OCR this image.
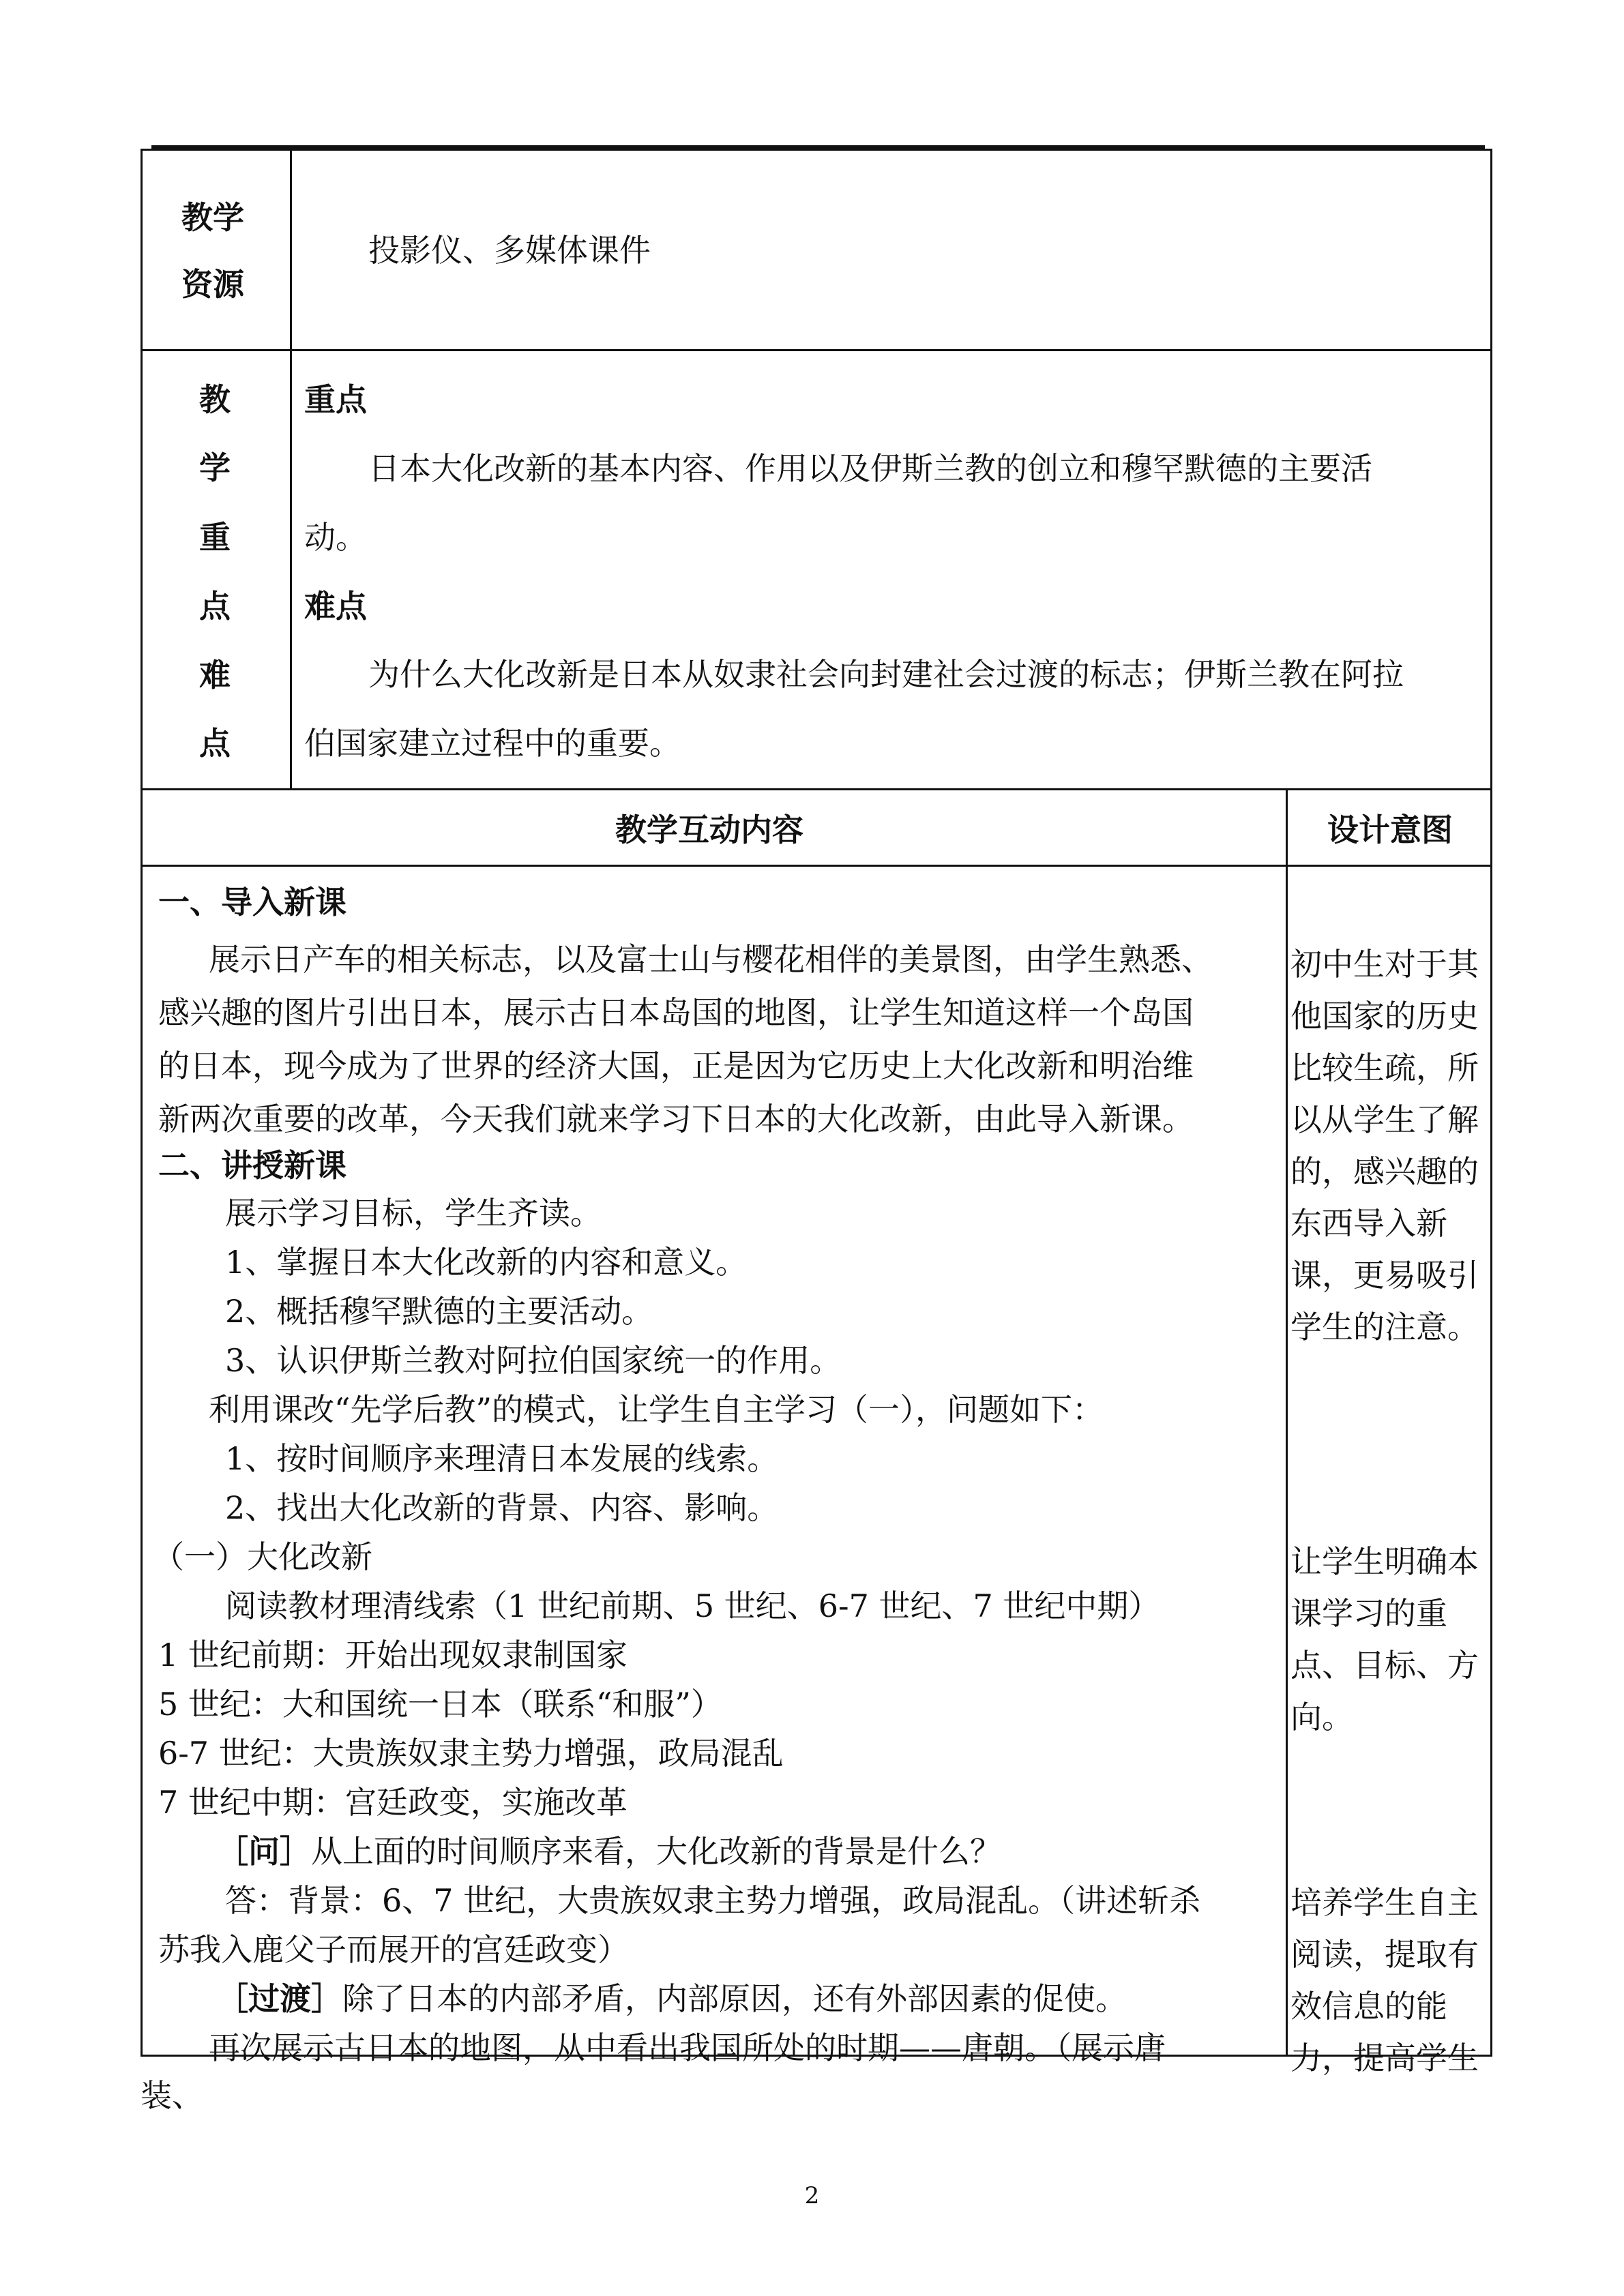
教学
资源
投影仪、多媒体课件
教
学
重
点
难
点
重点
日本大化改新的基本内容、作用以及伊斯兰教的创立和穆罕默德的主要活
动。
难点
为什么大化改新是日本从奴隶社会向封建社会过渡的标志；伊斯兰教在阿拉
伯国家建立过程中的重要。
教学互动内容	设计意图
一、导入新课
展示日产车的相关标志，以及富士山与樱花相伴的美景图，由学生熟悉、
感兴趣的图片引出日本，展示古日本岛国的地图，让学生知道这样一个岛国
的日本，现今成为了世界的经济大国，正是因为它历史上大化改新和明治维
新两次重要的改革，今天我们就来学习下日本的大化改新，由此导入新课。
二、讲授新课
展示学习目标，学生齐读。
1、掌握日本大化改新的内容和意义。
2、概括穆罕默德的主要活动。
3、认识伊斯兰教对阿拉伯国家统一的作用。
利用课改“先学后教”的模式，让学生自主学习（一），问题如下：
1、按时间顺序来理清日本发展的线索。
2、找出大化改新的背景、内容、影响。
（一）大化改新
阅读教材理清线索（1 世纪前期、5 世纪、6-7 世纪、7 世纪中期）
1 世纪前期：开始出现奴隶制国家
5 世纪：大和国统一日本（联系“和服”）
6-7 世纪：大贵族奴隶主势力增强，政局混乱
7 世纪中期：宫廷政变，实施改革
［问］从上面的时间顺序来看，大化改新的背景是什么？
答：背景：6、7 世纪，大贵族奴隶主势力增强，政局混乱。（讲述斩杀
苏我入鹿父子而展开的宫廷政变）
［过渡］除了日本的内部矛盾，内部原因，还有外部因素的促使。
再次展示古日本的地图，从中看出我国所处的时期——唐朝。（展示唐
装、

初中生对于其

他国家的历史

比较生疏，所

以从学生了解

的，感兴趣的

东西导入新

课，更易吸引

学生的注意。

让学生明确本

课学习的重

点、目标、方

向。

培养学生自主

阅读，提取有

效信息的能

力，提高学生

2
